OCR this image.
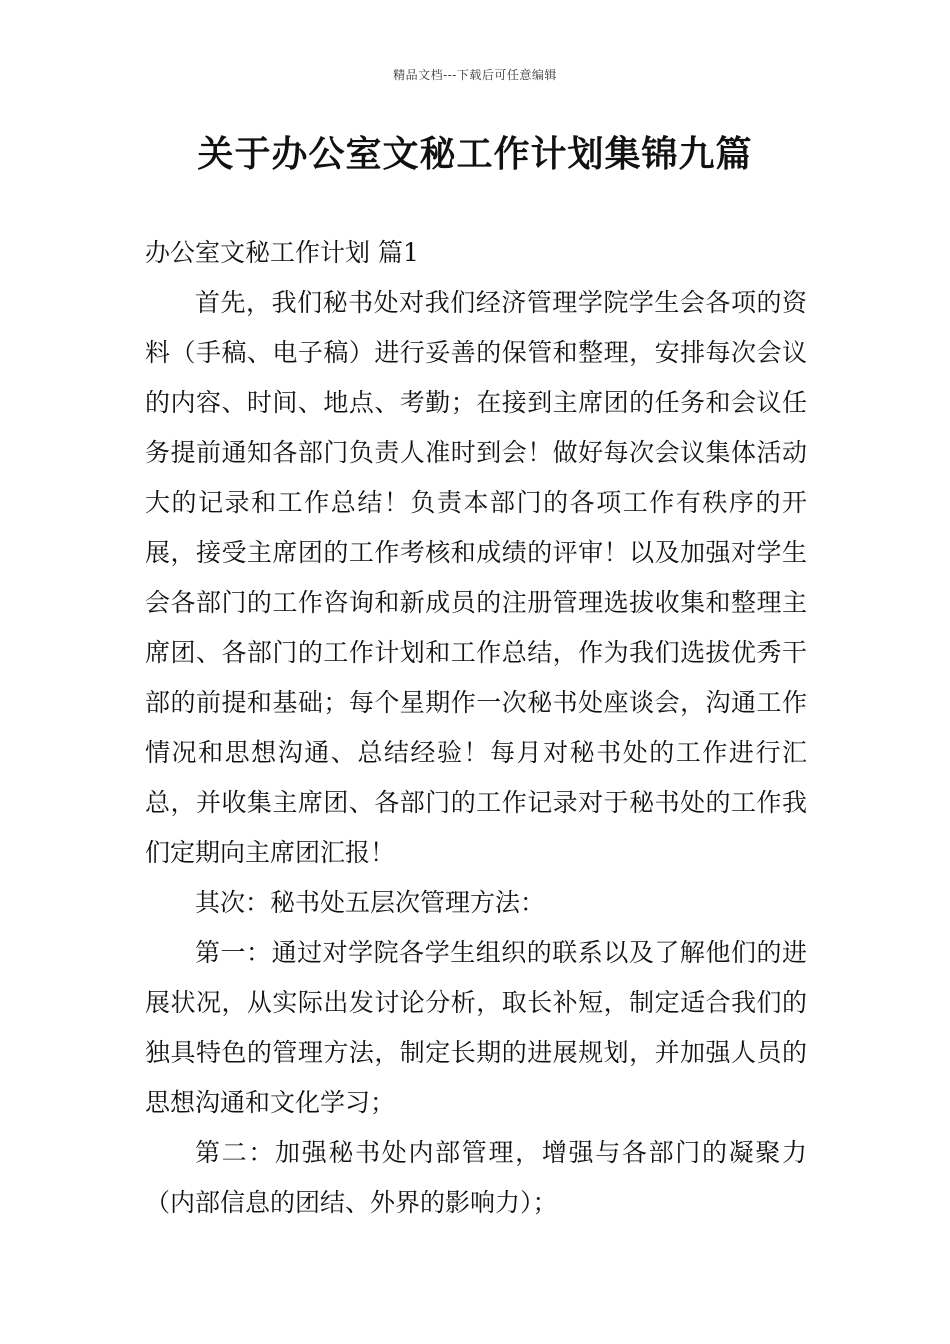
精品文档---下载后可任意编辑
关于办公室文秘工作计划集锦九篇

办公室文秘工作计划 篇1

首先，我们秘书处对我们经济管理学院学生会各项的资料（手稿、电子稿）进行妥善的保管和整理，安排每次会议的内容、时间、地点、考勤；在接到主席团的任务和会议任务提前通知各部门负责人准时到会！做好每次会议集体活动大的记录和工作总结！负责本部门的各项工作有秩序的开展，接受主席团的工作考核和成绩的评审！以及加强对学生会各部门的工作咨询和新成员的注册管理选拔收集和整理主席团、各部门的工作计划和工作总结，作为我们选拔优秀干部的前提和基础；每个星期作一次秘书处座谈会，沟通工作情况和思想沟通、总结经验！每月对秘书处的工作进行汇总，并收集主席团、各部门的工作记录对于秘书处的工作我们定期向主席团汇报！

其次：秘书处五层次管理方法：

第一：通过对学院各学生组织的联系以及了解他们的进展状况，从实际出发讨论分析，取长补短，制定适合我们的独具特色的管理方法，制定长期的进展规划，并加强人员的思想沟通和文化学习；

第二：加强秘书处内部管理，增强与各部门的凝聚力（内部信息的团结、外界的影响力）；
